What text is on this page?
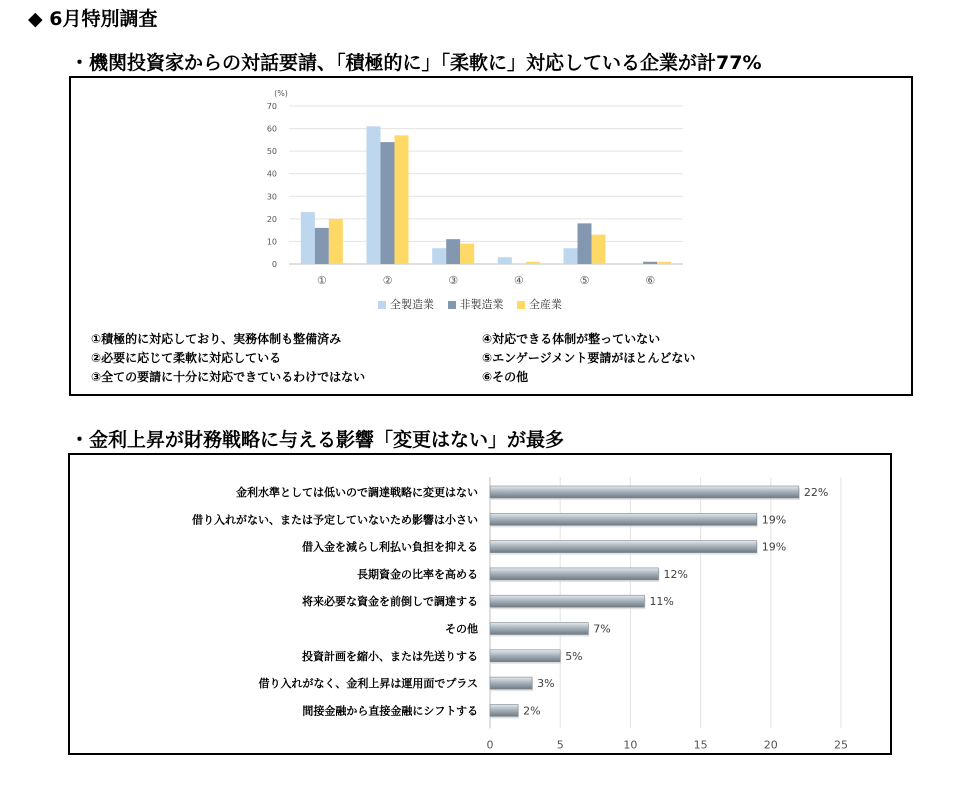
◆ 6月特別調査
・機関投資家からの対話要請、「積極的に」「柔軟に」対応している企業が計77%
0
10
20
30
40
50
60
70
(%)
①	②	③	④	⑤	⑥
全製造業 非製造業 全産業
①積極的に対応しており、実務体制も整備済み
②必要に応じて柔軟に対応している
③全ての要請に十分に対応できているわけではない
④対応できる体制が整っていない
⑤エンゲージメント要請がほとんどない
⑥その他
・金利上昇が財務戦略に与える影響「変更はない」が最多
0	5	10	15	20	25
金利水準としては低いので調達戦略に変更はない	22%
借り入れがない、または予定していないため影響は小さい	19%
借入金を減らし利払い負担を抑える	19%
長期資金の比率を高める	12%
将来必要な資金を前倒しで調達する	11%
その他	7%
投資計画を縮小、または先送りする	5%
借り入れがなく、金利上昇は運用面でプラス	3%
間接金融から直接金融にシフトする	2%
